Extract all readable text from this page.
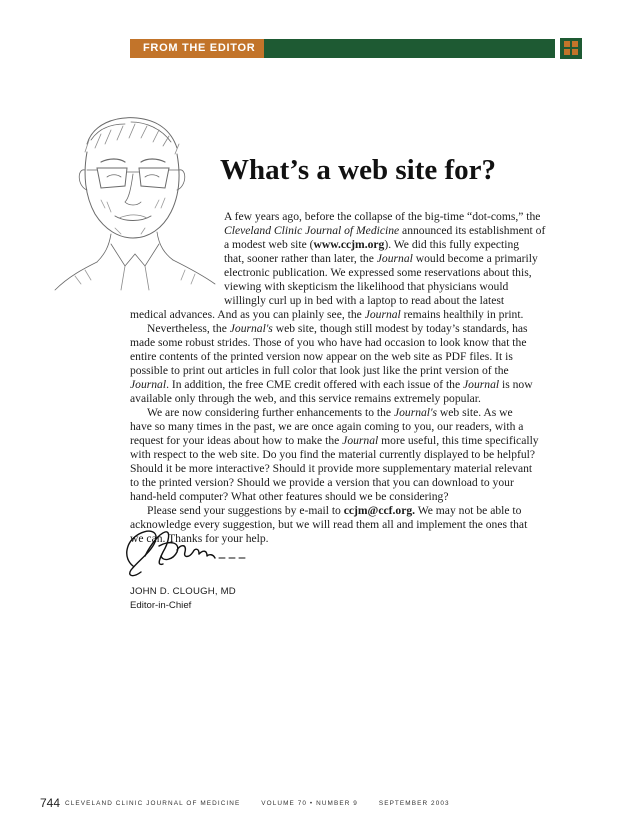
FROM THE EDITOR
What’s a web site for?
A few years ago, before the collapse of the big-time “dot-coms,” the
Cleveland Clinic Journal of Medicine announced its establishment of
a modest web site (www.ccjm.org). We did this fully expecting
that, sooner rather than later, the Journal would become a primarily
electronic publication. We expressed some reservations about this,
viewing with skepticism the likelihood that physicians would
willingly curl up in bed with a laptop to read about the latest
medical advances. And as you can plainly see, the Journal remains healthily in print.
Nevertheless, the Journal's web site, though still modest by today’s standards, has
made some robust strides. Those of you who have had occasion to look know that the
entire contents of the printed version now appear on the web site as PDF files. It is
possible to print out articles in full color that look just like the print version of the
Journal. In addition, the free CME credit offered with each issue of the Journal is now
available only through the web, and this service remains extremely popular.
We are now considering further enhancements to the Journal's web site. As we
have so many times in the past, we are once again coming to you, our readers, with a
request for your ideas about how to make the Journal more useful, this time specifically
with respect to the web site. Do you find the material currently displayed to be helpful?
Should it be more interactive? Should it provide more supplementary material relevant
to the printed version? Should we provide a version that you can download to your
hand-held computer? What other features should we be considering?
Please send your suggestions by e-mail to ccjm@ccf.org. We may not be able to
acknowledge every suggestion, but we will read them all and implement the ones that
we can. Thanks for your help.
JOHN D. CLOUGH, MD
Editor-in-Chief
744 CLEVELAND CLINIC JOURNAL OF MEDICINE	VOLUME 70 • NUMBER 9	SEPTEMBER 2003
